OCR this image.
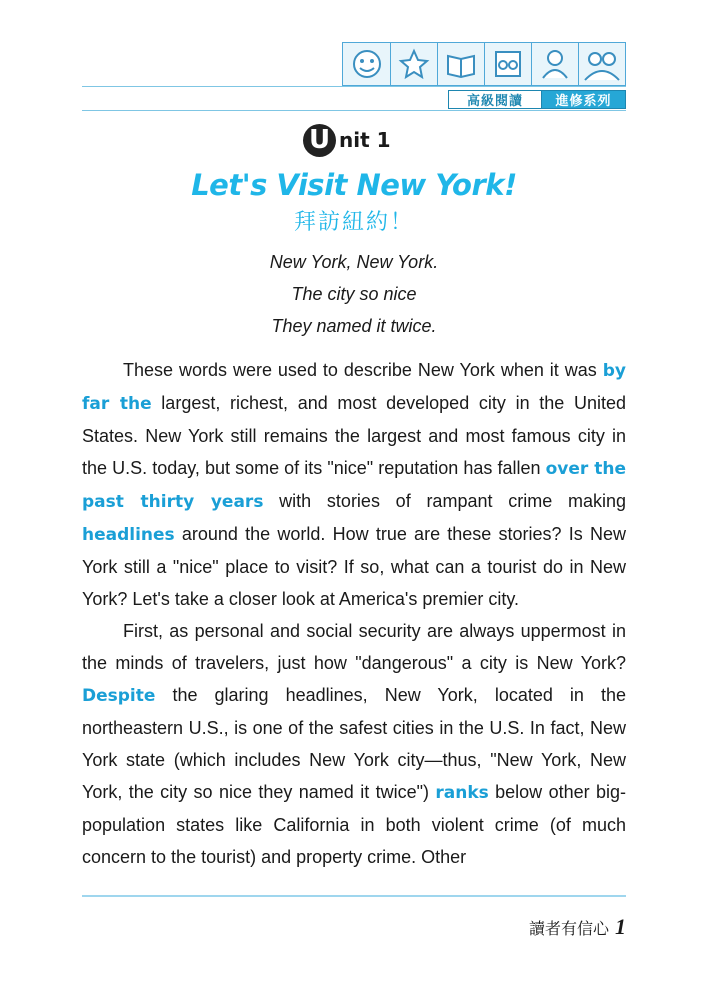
高級閱讀	進修系列
U nit 1
Let's Visit New York!
拜訪紐約！
New York, New York.
The city so nice
They named it twice.

These words were used to describe New York when it was by far the largest, richest, and most developed city in the United States. New York still remains the largest and most famous city in the U.S. today, but some of its "nice" reputation has fallen over the past thirty years with stories of rampant crime making headlines around the world. How true are these stories? Is New York still a "nice" place to visit? If so, what can a tourist do in New York? Let's take a closer look at America's premier city.

First, as personal and social security are always uppermost in the minds of travelers, just how "dangerous" a city is New York? Despite the glaring headlines, New York, located in the northeastern U.S., is one of the safest cities in the U.S. In fact, New York state (which includes New York city—thus, "New York, New York, the city so nice they named it twice") ranks below other big-population states like California in both violent crime (of much concern to the tourist) and property crime. Other

讀者有信心 1
